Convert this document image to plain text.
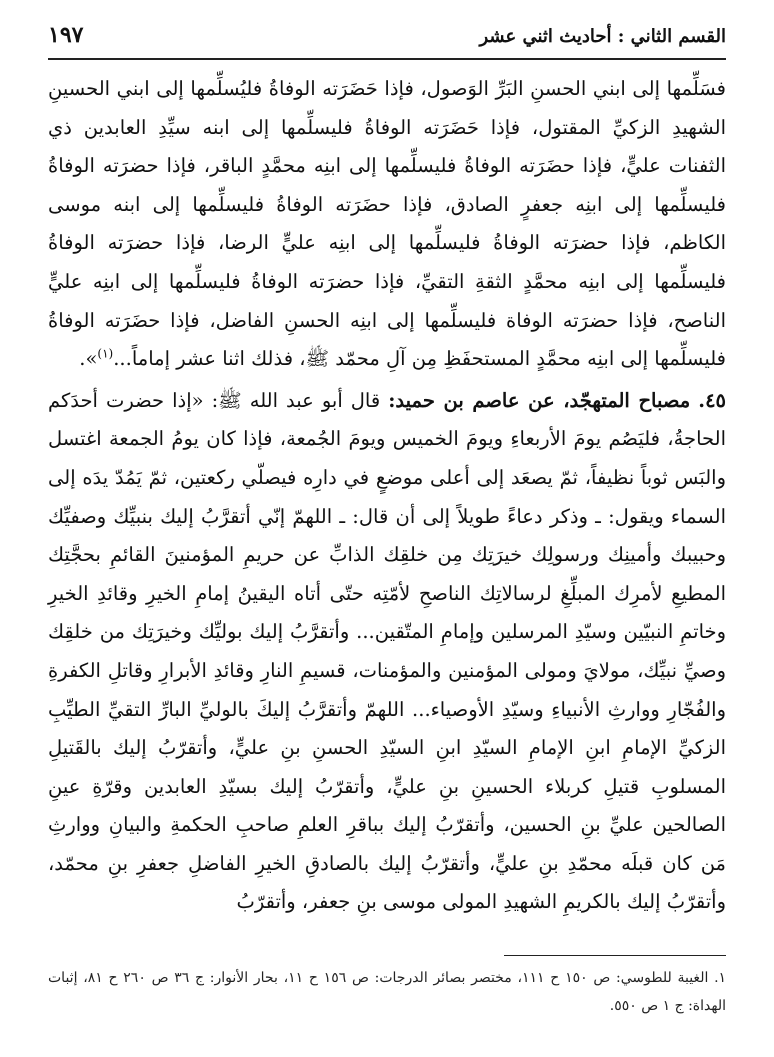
القسم الثاني : أحاديث اثني عشر
١٩٧

فسَلِّمها إلى ابني الحسنِ البَرِّ الوَصول، فإذا حَضَرَته الوفاةُ فليُسلِّمها إلى ابني الحسينِ الشهيدِ الزكيِّ المقتول، فإذا حَضَرَته الوفاةُ فليسلِّمها إلى ابنه سيِّدِ العابدين ذي الثفنات عليٍّ، فإذا حضَرَته الوفاةُ فليسلِّمها إلى ابنِه محمَّدٍ الباقر، فإذا حضرَته الوفاةُ فليسلِّمها إلى ابنِه جعفرٍ الصادق، فإذا حضَرَته الوفاةُ فليسلِّمها إلى ابنه موسى الكاظم، فإذا حضرَته الوفاةُ فليسلِّمها إلى ابنِه عليٍّ الرضا، فإذا حضرَته الوفاةُ فليسلِّمها إلى ابنِه محمَّدٍ الثقةِ التقيِّ، فإذا حضرَته الوفاةُ فليسلِّمها إلى ابنِه عليٍّ الناصح، فإذا حضرَته الوفاة فليسلِّمها إلى ابنِه الحسنِ الفاضل، فإذا حضَرَته الوفاةُ فليسلِّمها إلى ابنِه محمَّدٍ المستحفَظِ مِن آلِ محمّد ﷺ، فذلك اثنا عشر إماماً...$^{(١)}$».

٤٥. مصباح المتهجّد، عن عاصم بن حميد: قال أبو عبد الله ﷺ: «إذا حضرت أحدَكم الحاجةُ، فليَصُم يومَ الأربعاءِ ويومَ الخميس ويومَ الجُمعة، فإذا كان يومُ الجمعة اغتسل والبَس ثوباً نظيفاً، ثمّ يصعَد إلى أعلى موضعٍ في دارِه فيصلّي ركعتين، ثمّ يَمُدّ يدَه إلى السماء ويقول: ـ وذكر دعاءً طويلاً إلى أن قال: ـ اللهمّ إنّي أتقرَّبُ إليك بنبيِّك وصفيِّك وحبيبك وأمينِك ورسولِك خيرَتِك مِن خلقِك الذابِّ عن حريمِ المؤمنينَ القائمِ بحجَّتِك المطيعِ لأمرِك المبلِّغِ لرسالاتِك الناصحِ لأمّتِه حتّى أتاه اليقينُ إمامِ الخيرِ وقائدِ الخيرِ وخاتمِ النبيّين وسيّدِ المرسلين وإمامِ المتّقين... وأتقرَّبُ إليك بوليِّك وخيرَتِك من خلقِك وصيِّ نبيِّك، مولايَ ومولى المؤمنين والمؤمنات، قسيمِ النارِ وقائدِ الأبرارِ وقاتلِ الكفرةِ والفُجّارِ ووارثِ الأنبياءِ وسيّدِ الأوصياء... اللهمّ وأتقرَّبُ إليكَ بالوليِّ البارِّ التقيِّ الطيِّبِ الزكيِّ الإمامِ ابنِ الإمامِ السيّدِ ابنِ السيّدِ الحسنِ بنِ عليٍّ، وأتقرّبُ إليك بالقَتيلِ المسلوبِ قتيلِ كربلاء الحسينِ بنِ عليٍّ، وأتقرّبُ إليك بسيّدِ العابدين وقرّةِ عينِ الصالحين عليِّ بنِ الحسين، وأتقرّبُ إليك بباقرِ العلمِ صاحبِ الحكمةِ والبيانِ ووارثِ مَن كان قبلَه محمّدِ بنِ عليٍّ، وأتقرّبُ إليك بالصادقِ الخيرِ الفاضلِ جعفرِ بنِ محمّد، وأتقرّبُ إليك بالكريمِ الشهيدِ المولى موسى بنِ جعفر، وأتقرّبُ

١. الغيبة للطوسي: ص ١٥٠ ح ١١١، مختصر بصائر الدرجات: ص ١٥٦ ح ١١، بحار الأنوار: ج ٣٦ ص ٢٦٠ ح ٨١، إثبات الهداة: ج ١ ص ٥٥٠.
